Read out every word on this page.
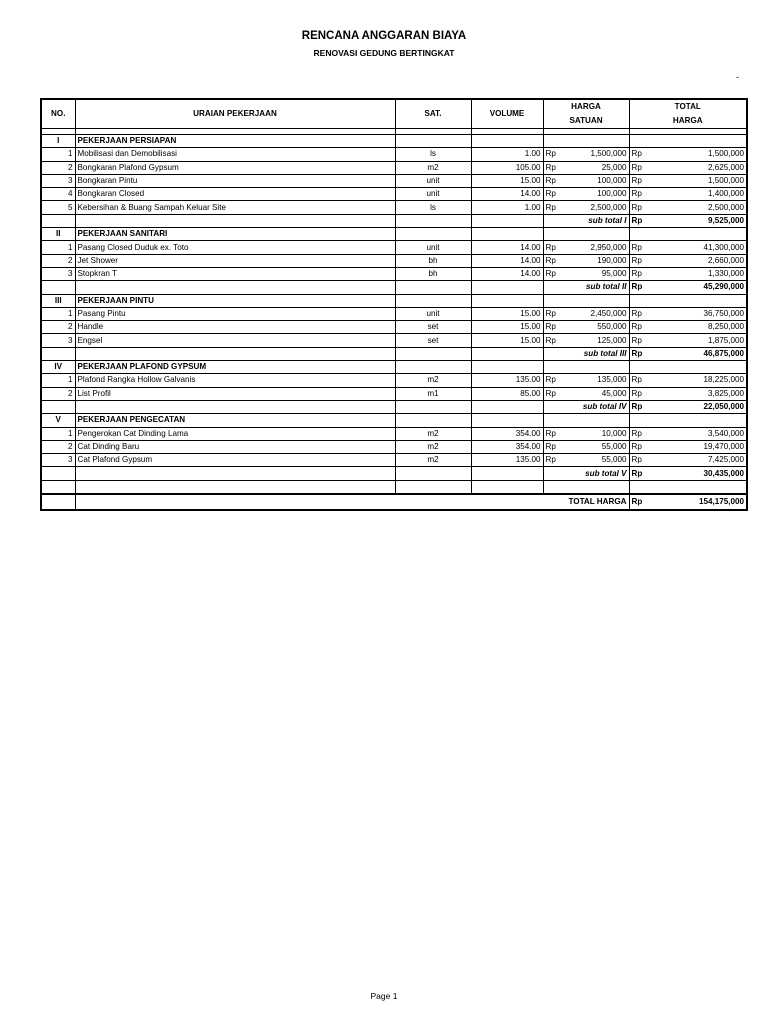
RENCANA ANGGARAN BIAYA
RENOVASI GEDUNG BERTINGKAT
-
NO.	URAIAN PEKERJAAN	SAT.	VOLUME	HARGA		TOTAL	
				SATUAN		HARGA	

I	PEKERJAAN PERSIAPAN						
1	Mobilisasi dan Demobilisasi	ls	1.00	Rp	1,500,000	Rp	1,500,000
2	Bongkaran Plafond Gypsum	m2	105.00	Rp	25,000	Rp	2,625,000
3	Bongkaran Pintu	unit	15.00	Rp	100,000	Rp	1,500,000
4	Bongkaran Closed	unit	14.00	Rp	100,000	Rp	1,400,000
5	Kebersihan & Buang Sampah Keluar Site	ls	1.00	Rp	2,500,000	Rp	2,500,000
				sub total I		Rp	9,525,000
II	PEKERJAAN SANITARI						
1	Pasang Closed Duduk ex. Toto	unit	14.00	Rp	2,950,000	Rp	41,300,000
2	Jet Shower	bh	14.00	Rp	190,000	Rp	2,660,000
3	Stopkran T	bh	14.00	Rp	95,000	Rp	1,330,000
				sub total II		Rp	45,290,000
III	PEKERJAAN PINTU						
1	Pasang Pintu	unit	15.00	Rp	2,450,000	Rp	36,750,000
2	Handle	set	15.00	Rp	550,000	Rp	8,250,000
3	Engsel	set	15.00	Rp	125,000	Rp	1,875,000
				sub total III		Rp	46,875,000
IV	PEKERJAAN PLAFOND GYPSUM						
1	Plafond Rangka Hollow Galvanis	m2	135.00	Rp	135,000	Rp	18,225,000
2	List Profil	m1	85.00	Rp	45,000	Rp	3,825,000
				sub total IV		Rp	22,050,000
V	PEKERJAAN PENGECATAN						
1	Pengerokan Cat Dinding Lama	m2	354.00	Rp	10,000	Rp	3,540,000
2	Cat Dinding Baru	m2	354.00	Rp	55,000	Rp	19,470,000
3	Cat Plafond Gypsum	m2	135.00	Rp	55,000	Rp	7,425,000
				sub total V		Rp	30,435,000

	TOTAL HARGA					Rp	154,175,000
Page 1
